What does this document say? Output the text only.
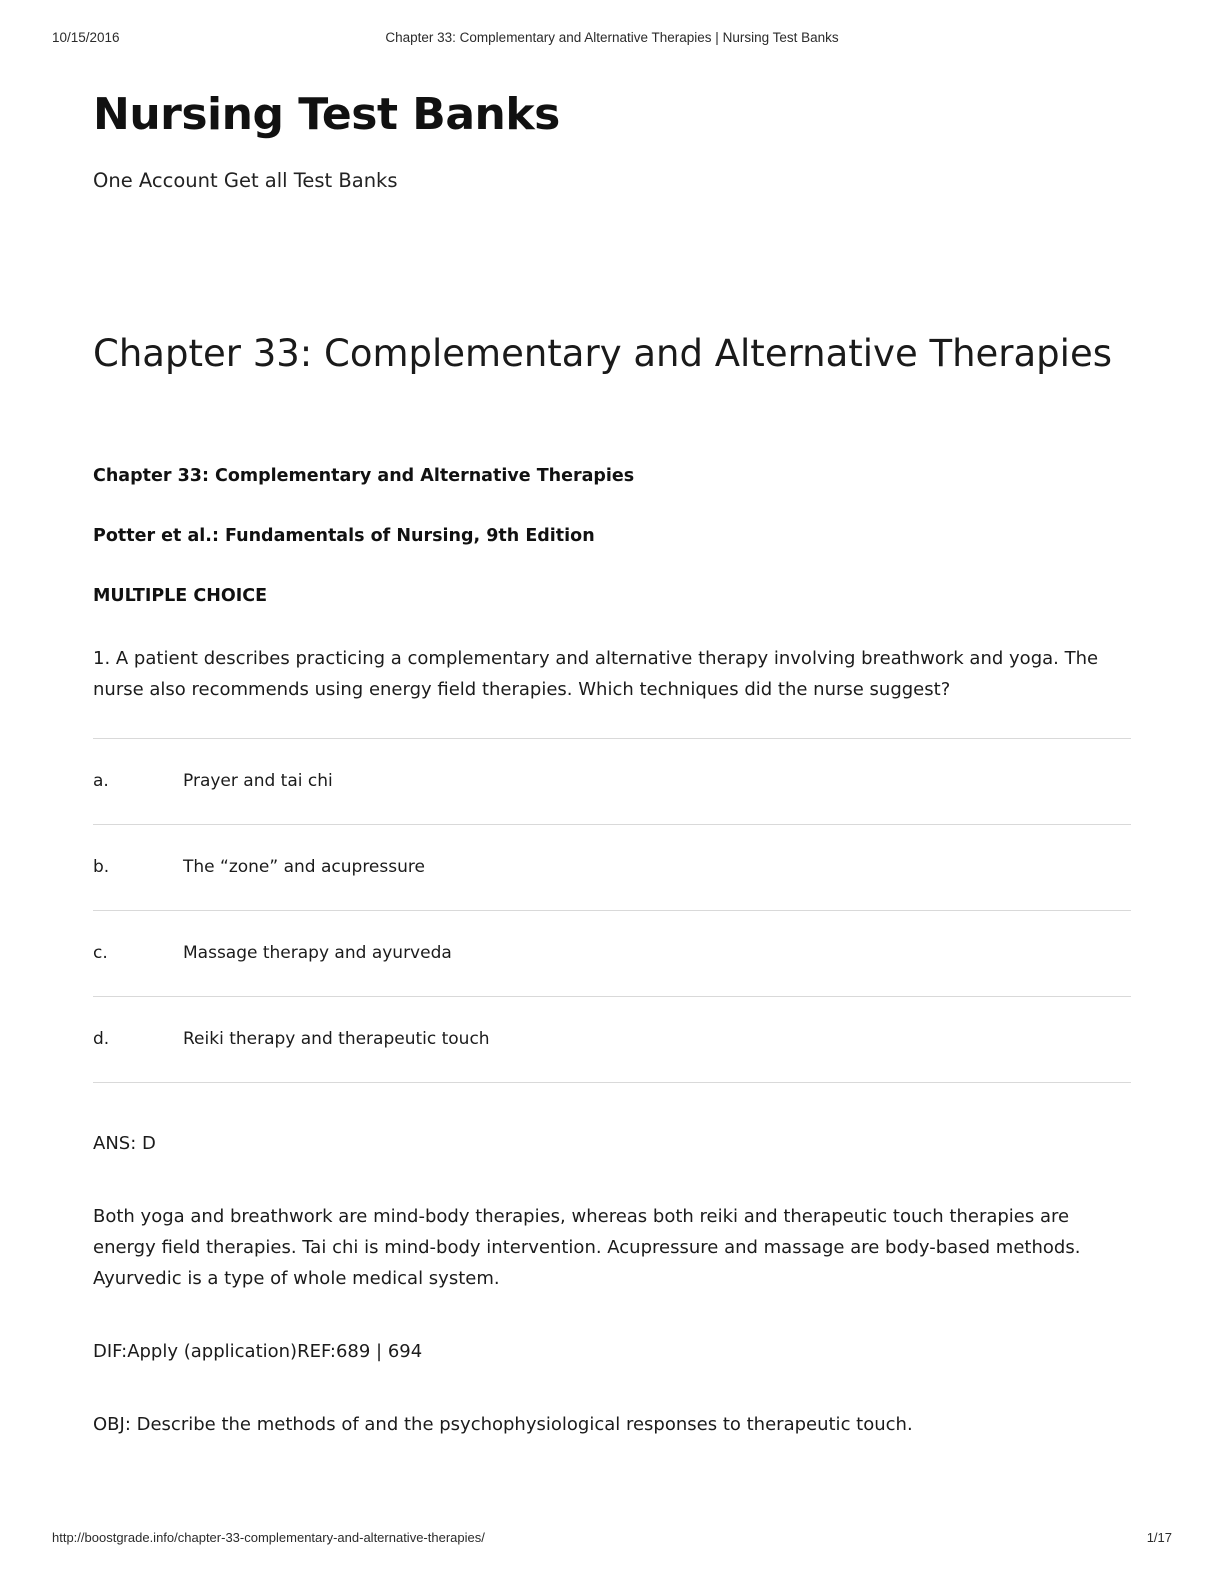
10/15/2016	Chapter 33: Complementary and Alternative Therapies | Nursing Test Banks
Nursing Test Banks
One Account Get all Test Banks
Chapter 33: Complementary and Alternative Therapies
Chapter 33: Complementary and Alternative Therapies
Potter et al.: Fundamentals of Nursing, 9th Edition
MULTIPLE CHOICE

1. A patient describes practicing a complementary and alternative therapy involving breathwork and yoga. The nurse also recommends using energy field therapies. Which techniques did the nurse suggest?

a.	Prayer and tai chi
b.	The “zone” and acupressure
c.	Massage therapy and ayurveda
d.	Reiki therapy and therapeutic touch

ANS: D

Both yoga and breathwork are mind-body therapies, whereas both reiki and therapeutic touch therapies are energy field therapies. Tai chi is mind-body intervention. Acupressure and massage are body-based methods. Ayurvedic is a type of whole medical system.

DIF:Apply (application)REF:689 | 694

OBJ: Describe the methods of and the psychophysiological responses to therapeutic touch.

http://boostgrade.info/chapter-33-complementary-and-alternative-therapies/	1/17
